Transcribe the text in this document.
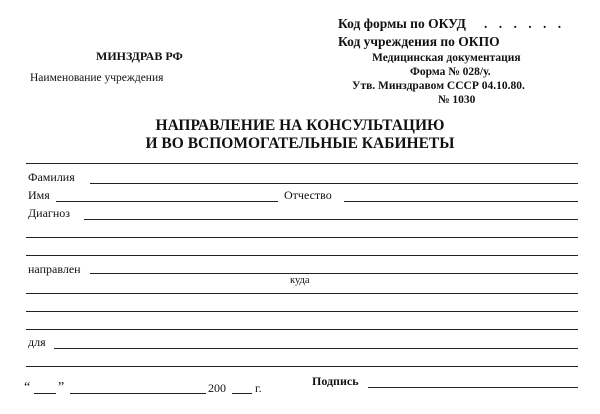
МИНЗДРАВ РФ
Наименование учреждения
Код формы по ОКУД . . . . . .
Код учреждения по ОКПО
Медицинская документация
Форма № 028/у.
Утв. Минздравом СССР 04.10.80.
№ 1030
НАПРАВЛЕНИЕ НА КОНСУЛЬТАЦИЮ
И ВО ВСПОМОГАТЕЛЬНЫЕ КАБИНЕТЫ
Фамилия
Имя	Отчество
Диагноз
направлен
куда
для
“ ”	200 г.	Подпись
